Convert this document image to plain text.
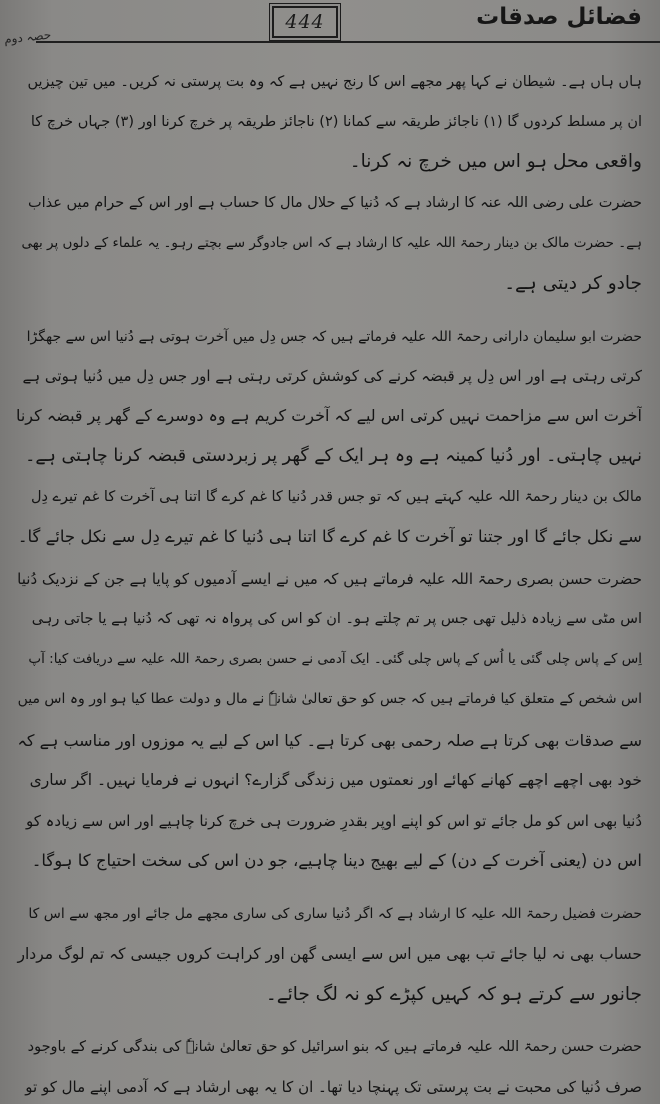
444	فضائل صدقات
حصہ دوم
ہاں ہاں ہے۔ شیطان نے کہا پھر مجھے اس کا رنج نہیں ہے کہ وہ بت پرستی نہ کریں۔ میں تین چیزیں
ان پر مسلط کردوں گا (۱) ناجائز طریقہ سے کمانا (۲) ناجائز طریقہ پر خرچ کرنا اور (۳) جہاں خرچ کا
واقعی محل ہو اس میں خرچ نہ کرنا۔
حضرت علی رضی اللہ عنہ کا ارشاد ہے کہ دُنیا کے حلال مال کا حساب ہے اور اس کے حرام میں عذاب
ہے۔ حضرت مالک بن دینار رحمۃ اللہ علیہ کا ارشاد ہے کہ اس جادوگر سے بچتے رہو۔ یہ علماء کے دلوں پر بھی
جادو کر دیتی ہے۔
حضرت ابو سلیمان دارانی رحمۃ اللہ علیہ فرماتے ہیں کہ جس دِل میں آخرت ہوتی ہے دُنیا اس سے جھگڑا
کرتی رہتی ہے اور اس دِل پر قبضہ کرنے کی کوشش کرتی رہتی ہے اور جس دِل میں دُنیا ہوتی ہے
آخرت اس سے مزاحمت نہیں کرتی اس لیے کہ آخرت کریم ہے وہ دوسرے کے گھر پر قبضہ کرنا
نہیں چاہتی۔ اور دُنیا کمینہ ہے وہ ہر ایک کے گھر پر زبردستی قبضہ کرنا چاہتی ہے۔
مالک بن دینار رحمۃ اللہ علیہ کہتے ہیں کہ تو جس قدر دُنیا کا غم کرے گا اتنا ہی آخرت کا غم تیرے دِل
سے نکل جائے گا اور جتنا تو آخرت کا غم کرے گا اتنا ہی دُنیا کا غم تیرے دِل سے نکل جائے گا۔
حضرت حسن بصری رحمۃ اللہ علیہ فرماتے ہیں کہ میں نے ایسے آدمیوں کو پایا ہے جن کے نزدیک دُنیا
اس مٹی سے زیادہ ذلیل تھی جس پر تم چلتے ہو۔ ان کو اس کی پرواہ نہ تھی کہ دُنیا ہے یا جاتی رہی
اِس کے پاس چلی گئی یا اُس کے پاس چلی گئی۔ ایک آدمی نے حسن بصری رحمۃ اللہ علیہ سے دریافت کیا: آپ
اس شخص کے متعلق کیا فرماتے ہیں کہ جس کو حق تعالیٰ شانہٗ نے مال و دولت عطا کیا ہو اور وہ اس میں
سے صدقات بھی کرتا ہے صلہ رحمی بھی کرتا ہے۔ کیا اس کے لیے یہ موزوں اور مناسب ہے کہ
خود بھی اچھے اچھے کھانے کھائے اور نعمتوں میں زندگی گزارے؟ انہوں نے فرمایا نہیں۔ اگر ساری
دُنیا بھی اس کو مل جائے تو اس کو اپنے اوپر بقدرِ ضرورت ہی خرچ کرنا چاہیے اور اس سے زیادہ کو
اس دن (یعنی آخرت کے دن) کے لیے بھیج دینا چاہیے، جو دن اس کی سخت احتیاج کا ہوگا۔
حضرت فضیل رحمۃ اللہ علیہ کا ارشاد ہے کہ اگر دُنیا ساری کی ساری مجھے مل جائے اور مجھ سے اس کا
حساب بھی نہ لیا جائے تب بھی میں اس سے ایسی گھن اور کراہت کروں جیسی کہ تم لوگ مردار
جانور سے کرتے ہو کہ کہیں کپڑے کو نہ لگ جائے۔
حضرت حسن رحمۃ اللہ علیہ فرماتے ہیں کہ بنو اسرائیل کو حق تعالیٰ شانہٗ کی بندگی کرنے کے باوجود
صرف دُنیا کی محبت نے بت پرستی تک پہنچا دیا تھا۔ ان کا یہ بھی ارشاد ہے کہ آدمی اپنے مال کو تو
